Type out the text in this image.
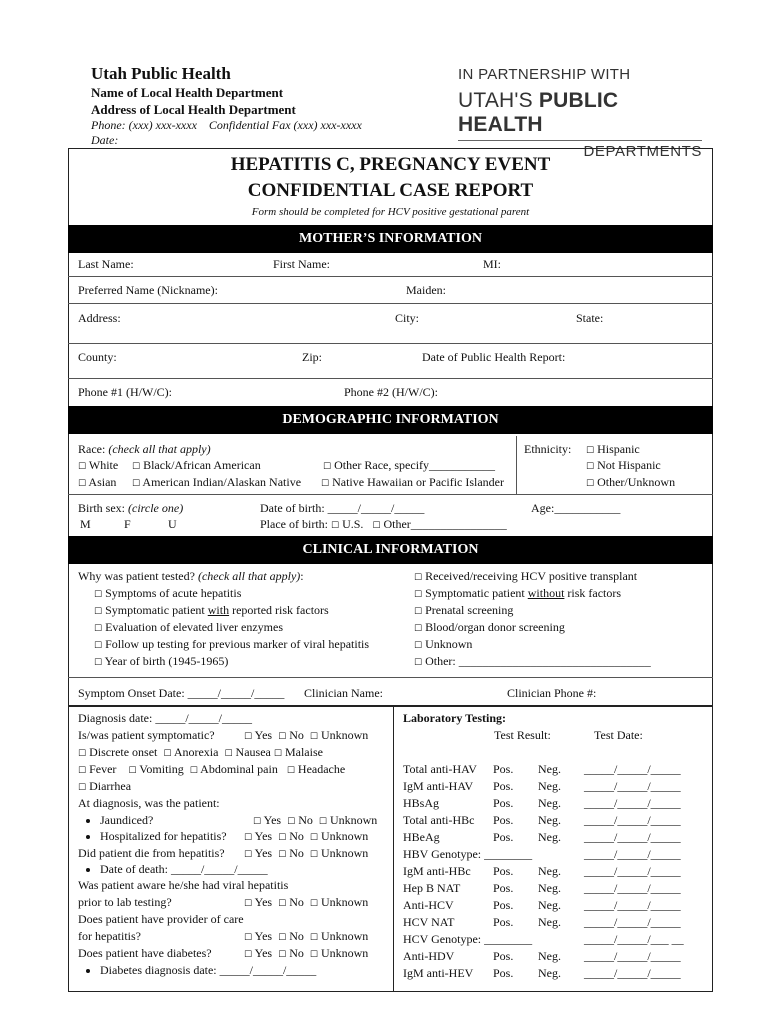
Utah Public Health
Name of Local Health Department
Address of Local Health Department
Phone: (xxx) xxx-xxxx    Confidential Fax (xxx) xxx-xxxx
Date:
IN PARTNERSHIP WITH
UTAH'S PUBLIC HEALTH
DEPARTMENTS
HEPATITIS C, PREGNANCY EVENT
CONFIDENTIAL CASE REPORT
Form should be completed for HCV positive gestational parent
MOTHER’S INFORMATION
Last Name:	First Name:	MI:
Preferred Name (Nickname):	Maiden:
Address:	City:	State:
County:	Zip:	Date of Public Health Report:
Phone #1 (H/W/C):	Phone #2 (H/W/C):
DEMOGRAPHIC INFORMATION
Race: (check all that apply)
☐ White ☐ Black/African American	☐ Other Race, specify___________
☐ Asian ☐ American Indian/Alaskan Native ☐ Native Hawaiian or Pacific Islander
Ethnicity: ☐ Hispanic
☐ Not Hispanic
☐ Other/Unknown
Birth sex: (circle one)
M	F	U
Date of birth: _____/_____/_____	Age:___________
Place of birth: ☐ U.S. ☐ Other________________
CLINICAL INFORMATION
Why was patient tested? (check all that apply):
☐ Symptoms of acute hepatitis
☐ Symptomatic patient with reported risk factors
☐ Evaluation of elevated liver enzymes
☐ Follow up testing for previous marker of viral hepatitis
☐ Year of birth (1945-1965)
☐ Received/receiving HCV positive transplant
☐ Symptomatic patient without risk factors
☐ Prenatal screening
☐ Blood/organ donor screening
☐ Unknown
☐ Other: ________________________________
Symptom Onset Date: _____/_____/_____ Clinician Name:	Clinician Phone #:
Diagnosis date: _____/_____/_____
Is/was patient symptomatic?	☐ Yes ☐ No ☐ Unknown
☐ Discrete onset ☐ Anorexia ☐ Nausea ☐ Malaise
☐ Fever ☐ Vomiting ☐ Abdominal pain ☐ Headache
☐ Diarrhea
At diagnosis, was the patient:
• Jaundiced?	☐ Yes ☐ No ☐ Unknown
• Hospitalized for hepatitis?	☐ Yes ☐ No ☐ Unknown
Did patient die from hepatitis? ☐ Yes ☐ No ☐ Unknown
• Date of death: _____/_____/_____
Was patient aware he/she had viral hepatitis
prior to lab testing?	☐ Yes ☐ No ☐ Unknown
Does patient have provider of care
for hepatitis?	☐ Yes ☐ No ☐ Unknown
Does patient have diabetes?	☐ Yes ☐ No ☐ Unknown
• Diabetes diagnosis date: _____/_____/_____
Laboratory Testing:
Test Result:	Test Date:
Total anti-HAV Pos. Neg. _____/_____/_____
IgM anti-HAV Pos. Neg. _____/_____/_____
HBsAg	Pos. Neg. _____/_____/_____
Total anti-HBc Pos. Neg. _____/_____/_____
HBeAg	Pos. Neg. _____/_____/_____
HBV Genotype: ________	_____/_____/_____
IgM anti-HBc Pos. Neg. _____/_____/_____
Hep B NAT	Pos. Neg. _____/_____/_____
Anti-HCV	Pos. Neg. _____/_____/_____
HCV NAT	Pos. Neg. _____/_____/_____
HCV Genotype: ________	_____/_____/___ __
Anti-HDV	Pos. Neg. _____/_____/_____
IgM anti-HEV Pos. Neg. _____/_____/_____
